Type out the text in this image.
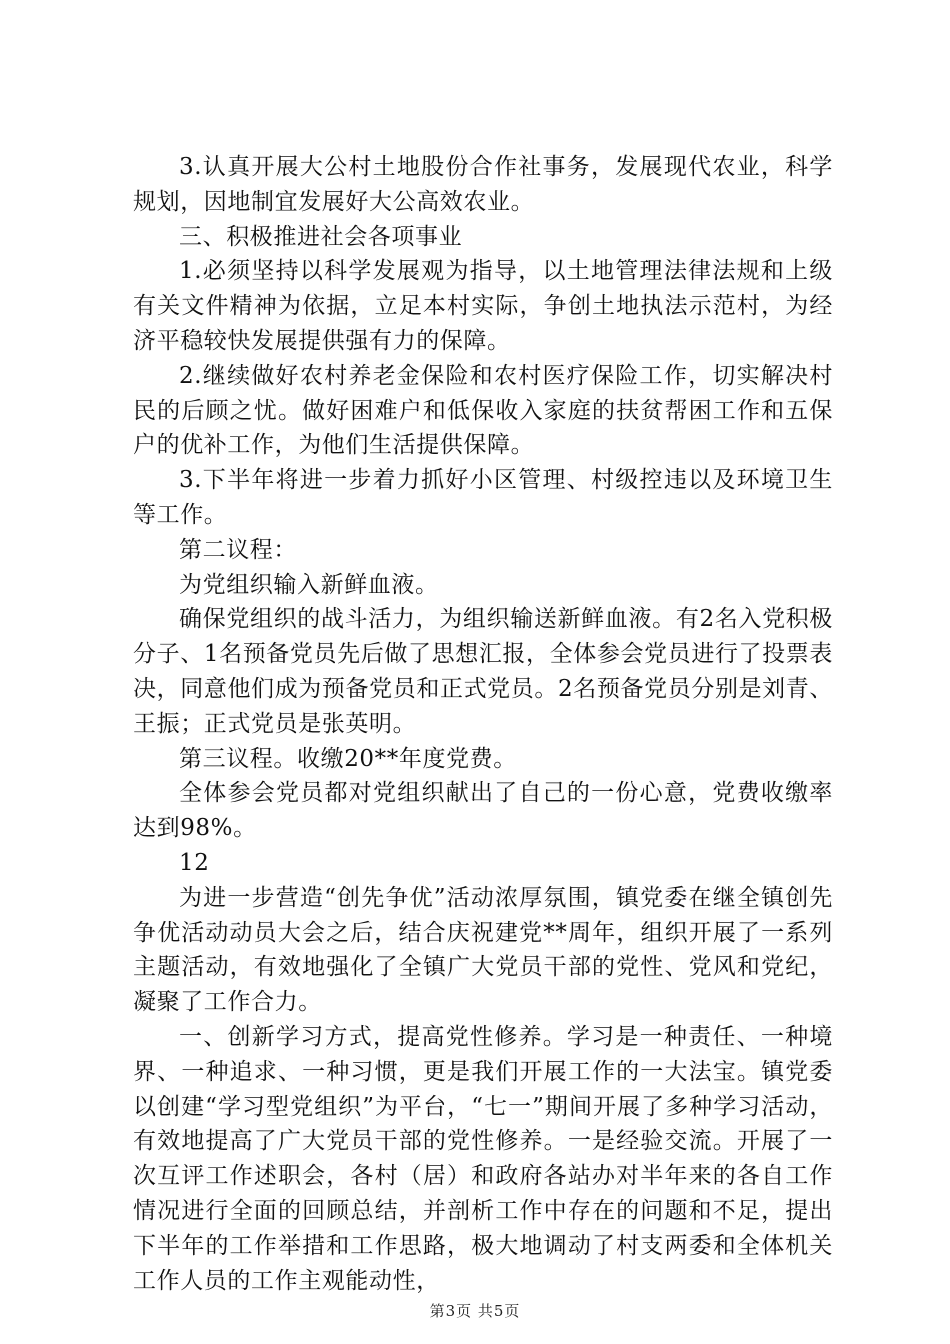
3.认真开展大公村土地股份合作社事务，发展现代农业，科学规划，因地制宜发展好大公高效农业。

三、积极推进社会各项事业

1.必须坚持以科学发展观为指导，以土地管理法律法规和上级有关文件精神为依据，立足本村实际，争创土地执法示范村，为经济平稳较快发展提供强有力的保障。

2.继续做好农村养老金保险和农村医疗保险工作，切实解决村民的后顾之忧。做好困难户和低保收入家庭的扶贫帮困工作和五保户的优补工作，为他们生活提供保障。

3.下半年将进一步着力抓好小区管理、村级控违以及环境卫生等工作。

第二议程：

为党组织输入新鲜血液。

确保党组织的战斗活力，为组织输送新鲜血液。有2名入党积极分子、1名预备党员先后做了思想汇报，全体参会党员进行了投票表决，同意他们成为预备党员和正式党员。2名预备党员分别是刘青、王振；正式党员是张英明。

第三议程。收缴20**年度党费。

全体参会党员都对党组织献出了自己的一份心意，党费收缴率达到98%。

12

为进一步营造“创先争优”活动浓厚氛围，镇党委在继全镇创先争优活动动员大会之后，结合庆祝建党**周年，组织开展了一系列主题活动，有效地强化了全镇广大党员干部的党性、党风和党纪，凝聚了工作合力。

一、创新学习方式，提高党性修养。学习是一种责任、一种境界、一种追求、一种习惯，更是我们开展工作的一大法宝。镇党委以创建“学习型党组织”为平台，“七一”期间开展了多种学习活动，有效地提高了广大党员干部的党性修养。一是经验交流。开展了一次互评工作述职会，各村（居）和政府各站办对半年来的各自工作情况进行全面的回顾总结，并剖析工作中存在的问题和不足，提出下半年的工作举措和工作思路，极大地调动了村支两委和全体机关工作人员的工作主观能动性，

第3页 共5页
